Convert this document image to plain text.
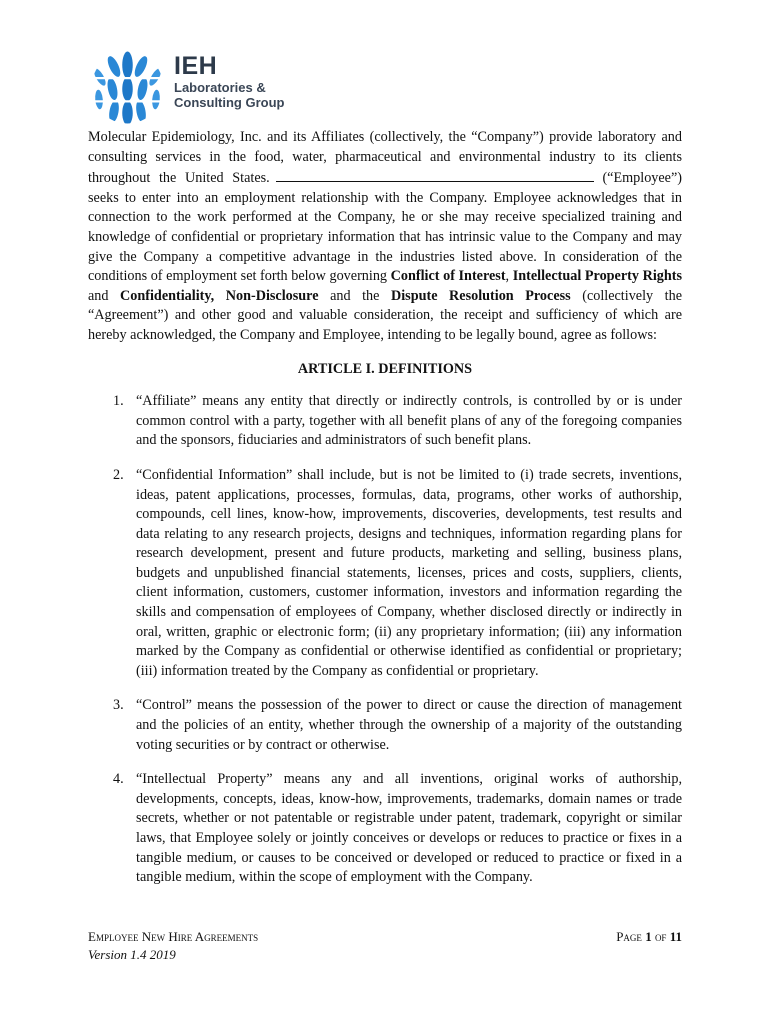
IEH
Laboratories &
Consulting Group

Molecular Epidemiology, Inc. and its Affiliates (collectively, the “Company”) provide laboratory and consulting services in the food, water, pharmaceutical and environmental industry to its clients throughout the United States.	(“Employee”) seeks to enter into an employment relationship with the Company. Employee acknowledges that in connection to the work performed at the Company, he or she may receive specialized training and knowledge of confidential or proprietary information that has intrinsic value to the Company and may give the Company a competitive advantage in the industries listed above. In consideration of the conditions of employment set forth below governing Conflict of Interest, Intellectual Property Rights and Confidentiality, Non-Disclosure and the Dispute Resolution Process (collectively the “Agreement”) and other good and valuable consideration, the receipt and sufficiency of which are hereby acknowledged, the Company and Employee, intending to be legally bound, agree as follows:

ARTICLE I. DEFINITIONS
1. “Affiliate” means any entity that directly or indirectly controls, is controlled by or is under common control with a party, together with all benefit plans of any of the foregoing companies and the sponsors, fiduciaries and administrators of such benefit plans.
2. “Confidential Information” shall include, but is not be limited to (i) trade secrets, inventions, ideas, patent applications, processes, formulas, data, programs, other works of authorship, compounds, cell lines, know-how, improvements, discoveries, developments, test results and data relating to any research projects, designs and techniques, information regarding plans for research development, present and future products, marketing and selling, business plans, budgets and unpublished financial statements, licenses, prices and costs, suppliers, clients, client information, customers, customer information, investors and information regarding the skills and compensation of employees of Company, whether disclosed directly or indirectly in oral, written, graphic or electronic form; (ii) any proprietary information; (iii) any information marked by the Company as confidential or otherwise identified as confidential or proprietary; (iii) information treated by the Company as confidential or proprietary.
3. “Control” means the possession of the power to direct or cause the direction of management and the policies of an entity, whether through the ownership of a majority of the outstanding voting securities or by contract or otherwise.
4. “Intellectual Property” means any and all inventions, original works of authorship, developments, concepts, ideas, know-how, improvements, trademarks, domain names or trade secrets, whether or not patentable or registrable under patent, trademark, copyright or similar laws, that Employee solely or jointly conceives or develops or reduces to practice or fixes in a tangible medium, or causes to be conceived or developed or reduced to practice or fixed in a tangible medium, within the scope of employment with the Company.
Employee New Hire Agreements
Version 1.4 2019
Page 1 of 11
